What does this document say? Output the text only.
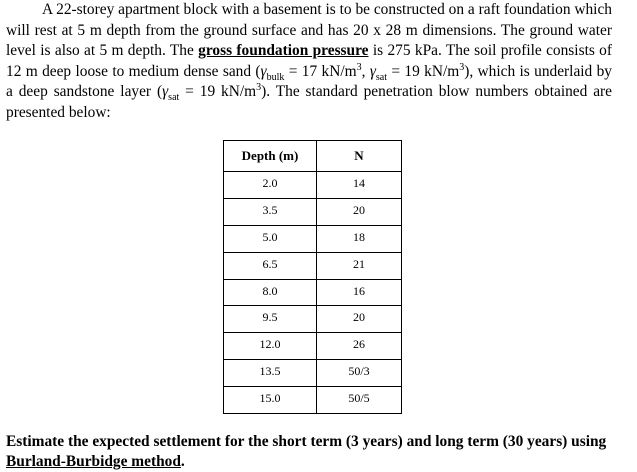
A 22-storey apartment block with a basement is to be constructed on a raft foundation which will rest at 5 m depth from the ground surface and has 20 x 28 m dimensions. The ground water level is also at 5 m depth. The gross foundation pressure is 275 kPa. The soil profile consists of 12 m deep loose to medium dense sand ($\gamma_{bulk} = 17$ $kN/m^3$, $\gamma_{sat} = 19$ $kN/m^3$), which is underlaid by a deep sandstone layer ($\gamma_{sat} = 19$ $kN/m^3$). The standard penetration blow numbers obtained are presented below:

Depth (m)	N
2.0	14
3.5	20
5.0	18
6.5	21
8.0	16
9.5	20
12.0	26
13.5	50/3
15.0	50/5

Estimate the expected settlement for the short term (3 years) and long term (30 years) using Burland-Burbidge method.
